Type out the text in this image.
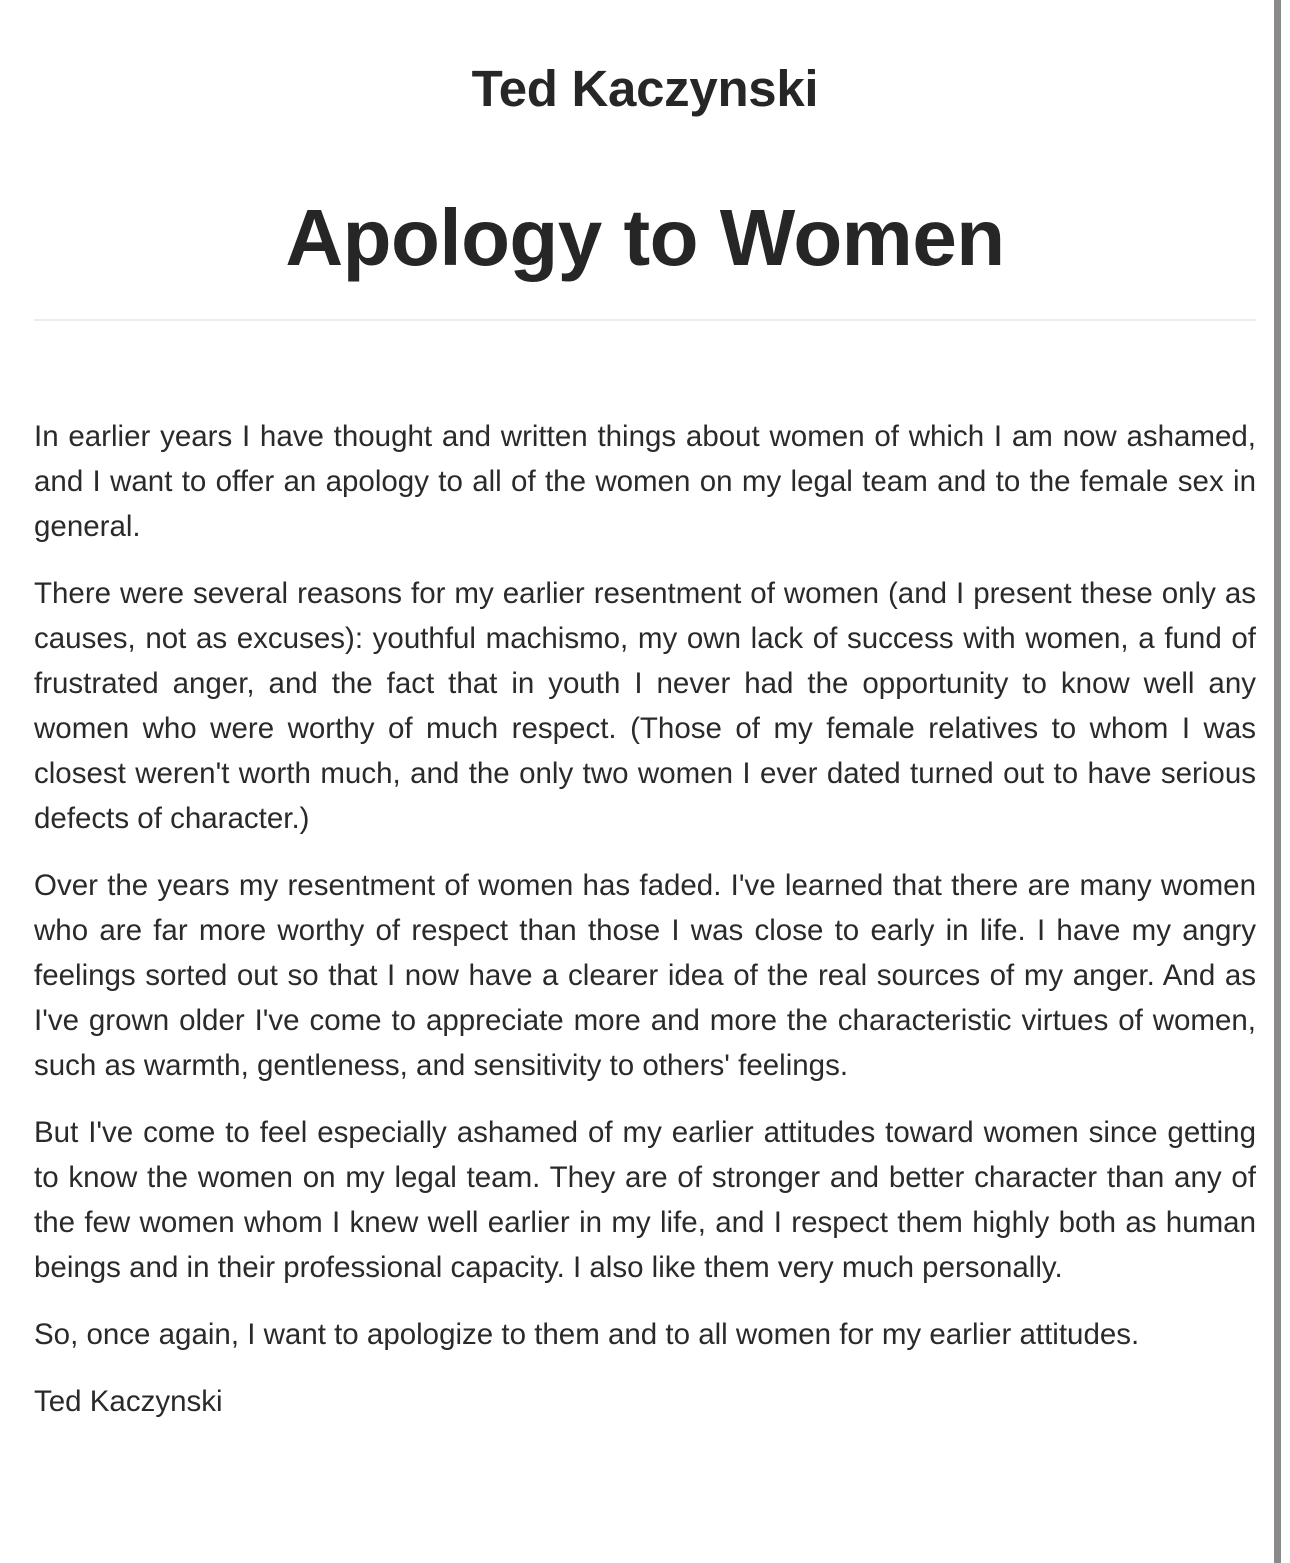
Ted Kaczynski
Apology to Women

In earlier years I have thought and written things about women of which I am now ashamed, and I want to offer an apology to all of the women on my legal team and to the female sex in general.

There were several reasons for my earlier resentment of women (and I present these only as causes, not as excuses): youthful machismo, my own lack of success with women, a fund of frustrated anger, and the fact that in youth I never had the opportunity to know well any women who were worthy of much respect. (Those of my female relatives to whom I was closest weren't worth much, and the only two women I ever dated turned out to have serious defects of character.)

Over the years my resentment of women has faded. I've learned that there are many women who are far more worthy of respect than those I was close to early in life. I have my angry feelings sorted out so that I now have a clearer idea of the real sources of my anger. And as I've grown older I've come to appreciate more and more the characteristic virtues of women, such as warmth, gentleness, and sensitivity to others' feelings.

But I've come to feel especially ashamed of my earlier attitudes toward women since getting to know the women on my legal team. They are of stronger and better character than any of the few women whom I knew well earlier in my life, and I respect them highly both as human beings and in their professional capacity. I also like them very much personally.

So, once again, I want to apologize to them and to all women for my earlier attitudes.

Ted Kaczynski
